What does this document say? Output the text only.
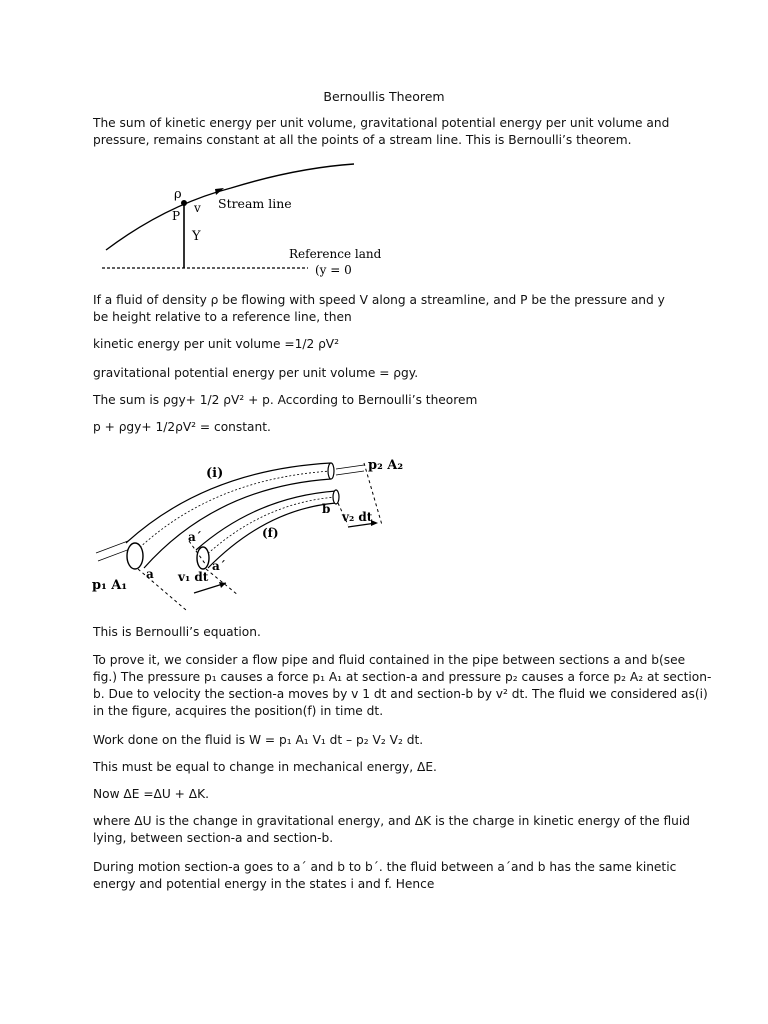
Bernoullis Theorem

The sum of kinetic energy per unit volume, gravitational potential energy per unit volume and pressure, remains constant at all the points of a stream line. This is Bernoulli’s theorem.

ρ
P
v
Y
Stream line
Reference land
(y = 0

If a fluid of density ρ be flowing with speed V along a streamline, and P be the pressure and y be height relative to a reference line, then

kinetic energy per unit volume =1/2 ρV²
gravitational potential energy per unit volume = ρgy.
The sum is ρgy+ 1/2 ρV² + p. According to Bernoulli’s theorem
p + ρgy+ 1/2ρV² = constant.
(i)
(f)
p₂ A₂
p₁ A₁
v₂ dt
v₁ dt
a
a´
a´
b
This is Bernoulli’s equation.
To prove it, we consider a flow pipe and fluid contained in the pipe between sections a and b(see
fig.) The pressure p₁ causes a force p₁ A₁ at section-a and pressure p₂ causes a force p₂ A₂ at section-
b. Due to velocity the section-a moves by v 1 dt and section-b by v² dt. The fluid we considered as(i)
in the figure, acquires the position(f) in time dt.
Work done on the fluid is W = p₁ A₁ V₁ dt – p₂ V₂ V₂ dt.
This must be equal to change in mechanical energy, ΔE.
Now ΔE =ΔU + ΔK.
where ΔU is the change in gravitational energy, and ΔK is the charge in kinetic energy of the fluid
lying, between section-a and section-b.
During motion section-a goes to a´ and b to b´. the fluid between a´and b has the same kinetic
energy and potential energy in the states i and f. Hence
